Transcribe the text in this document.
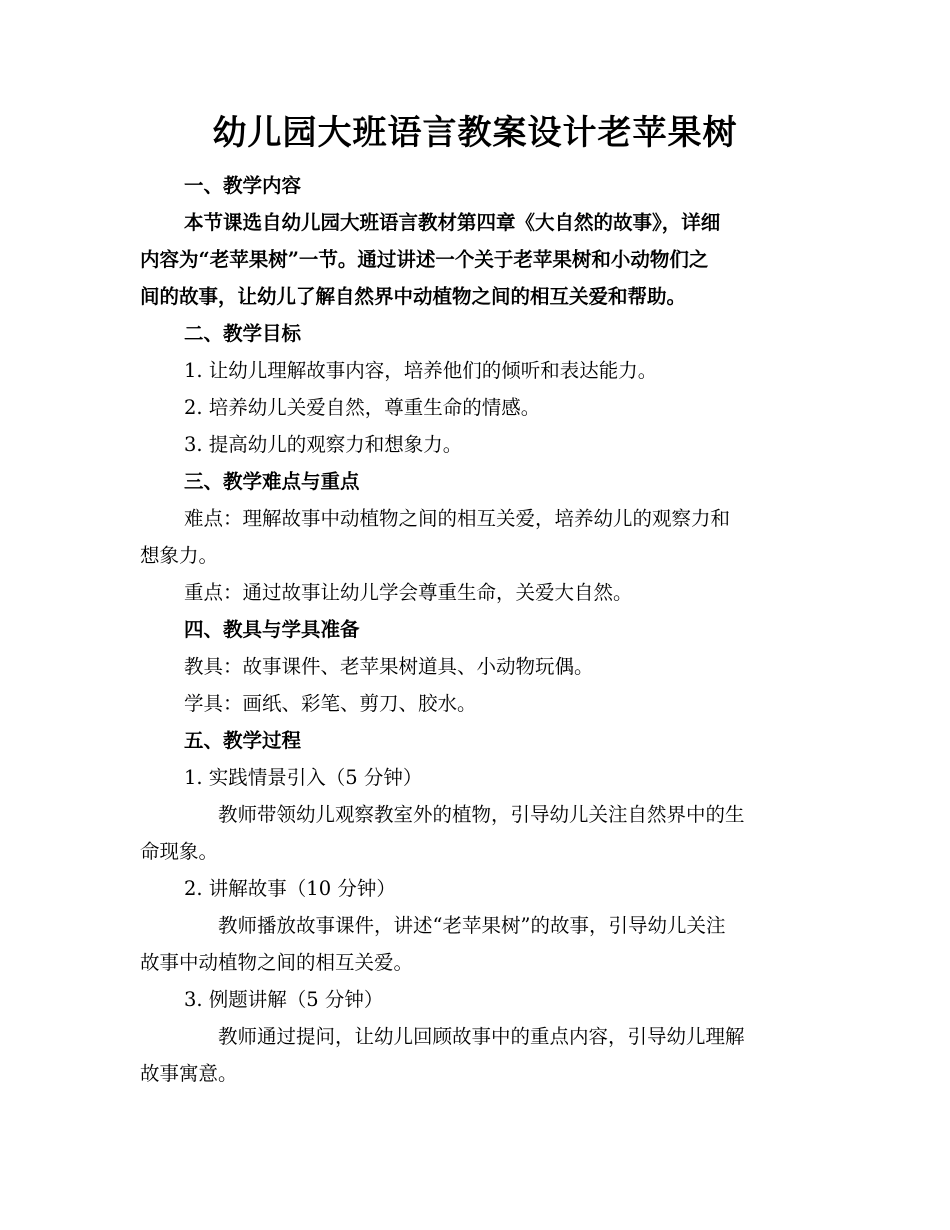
幼儿园大班语言教案设计老苹果树
一、教学内容
本节课选自幼儿园大班语言教材第四章《大自然的故事》，详细
内容为“老苹果树”一节。通过讲述一个关于老苹果树和小动物们之
间的故事，让幼儿了解自然界中动植物之间的相互关爱和帮助。
二、教学目标
1. 让幼儿理解故事内容，培养他们的倾听和表达能力。
2. 培养幼儿关爱自然，尊重生命的情感。
3. 提高幼儿的观察力和想象力。
三、教学难点与重点
难点：理解故事中动植物之间的相互关爱，培养幼儿的观察力和
想象力。
重点：通过故事让幼儿学会尊重生命，关爱大自然。
四、教具与学具准备
教具：故事课件、老苹果树道具、小动物玩偶。
学具：画纸、彩笔、剪刀、胶水。
五、教学过程
1. 实践情景引入（5 分钟）
教师带领幼儿观察教室外的植物，引导幼儿关注自然界中的生
命现象。
2. 讲解故事（10 分钟）
教师播放故事课件，讲述“老苹果树”的故事，引导幼儿关注
故事中动植物之间的相互关爱。
3. 例题讲解（5 分钟）
教师通过提问，让幼儿回顾故事中的重点内容，引导幼儿理解
故事寓意。
